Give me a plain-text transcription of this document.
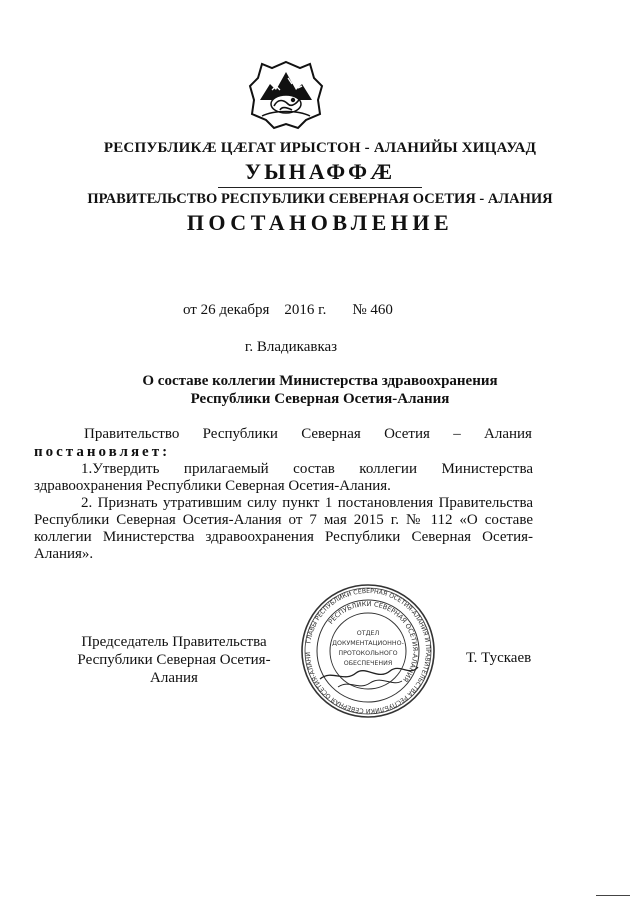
РЕСПУБЛИКӔ ЦӔГАТ ИРЫСТОН - АЛАНИЙЫ ХИЦАУАД
УЫНАФФӔ
ПРАВИТЕЛЬСТВО РЕСПУБЛИКИ СЕВЕРНАЯ ОСЕТИЯ - АЛАНИЯ
ПОСТАНОВЛЕНИЕ
от 26 декабря    2016 г. № 460
г. Владикавказ
О составе коллегии Министерства здравоохранения
Республики Северная Осетия-Алания
Правительство Республики Северная Осетия – Алания
постановляет:
1.Утвердить прилагаемый состав коллегии Министерства здравоохранения Республики Северная Осетия-Алания.
2. Признать утратившим силу пункт 1 постановления Правительства Республики Северная Осетия-Алания от 7 мая 2015 г. № 112 «О составе коллегии Министерства здравоохранения Республики Северная Осетия-Алания».
Председатель Правительства
Республики Северная Осетия-Алания
ГЛАВЫ РЕСПУБЛИКИ СЕВЕРНАЯ ОСЕТИЯ-АЛАНИЯ И ПРАВИТЕЛЬСТВА РЕСПУБЛИКИ СЕВЕРНАЯ ОСЕТИЯ-АЛАНИ
РЕСПУБЛИКИ СЕВЕРНАЯ ОСЕТИЯ-АЛАНИЯ
ОТДЕЛ
ДОКУМЕНТАЦИОННО-
ПРОТОКОЛЬНОГО
ОБЕСПЕЧЕНИЯ	Т. Тускаев
